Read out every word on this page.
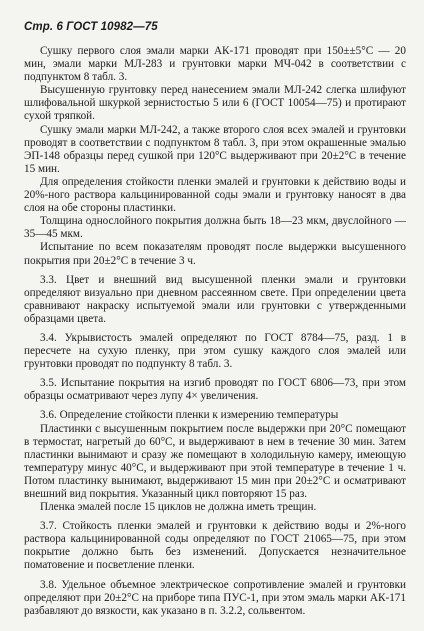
Стр. 6 ГОСТ 10982—75

Сушку первого слоя эмали марки АК-171 проводят при 150±±5°С — 20 мин, эмали марки МЛ-283 и грунтовки марки МЧ-042 в соответствии с подпунктом 8 табл. 3.

Высушенную грунтовку перед нанесением эмали МЛ-242 слегка шлифуют шлифовальной шкуркой зернистостью 5 или 6 (ГОСТ 10054—75) и протирают сухой тряпкой.

Сушку эмали марки МЛ-242, а также второго слоя всех эмалей и грунтовки проводят в соответствии с подпунктом 8 табл. 3, при этом окрашенные эмалью ЭП-148 образцы перед сушкой при 120°С выдерживают при 20±2°С в течение 15 мин.

Для определения стойкости пленки эмалей и грунтовки к действию воды и 20%-ного раствора кальцинированной соды эмали и грунтовку наносят в два слоя на обе стороны пластинки.

Толщина однослойного покрытия должна быть 18—23 мкм, двуслойного — 35—45 мкм.

Испытание по всем показателям проводят после выдержки высушенного покрытия при 20±2°С в течение 3 ч.

3.3. Цвет и внешний вид высушенной пленки эмали и грунтовки определяют визуально при дневном рассеянном свете. При определении цвета сравнивают накраску испытуемой эмали или грунтовки с утвержденными образцами цвета.

3.4. Укрывистость эмалей определяют по ГОСТ 8784—75, разд. 1 в пересчете на сухую пленку, при этом сушку каждого слоя эмалей или грунтовки проводят по подпункту 8 табл. 3.

3.5. Испытание покрытия на изгиб проводят по ГОСТ 6806—73, при этом образцы осматривают через лупу 4× увеличения.

3.6. Определение стойкости пленки к измерению температуры

Пластинки с высушенным покрытием после выдержки при 20°С помещают в термостат, нагретый до 60°С, и выдерживают в нем в течение 30 мин. Затем пластинки вынимают и сразу же помещают в холодильную камеру, имеющую температуру минус 40°С, и выдерживают при этой температуре в течение 1 ч. Потом пластинку вынимают, выдерживают 15 мин при 20±2°С и осматривают внешний вид покрытия. Указанный цикл повторяют 15 раз.

Пленка эмалей после 15 циклов не должна иметь трещин.

3.7. Стойкость пленки эмалей и грунтовки к действию воды и 2%-ного раствора кальцинированной соды определяют по ГОСТ 21065—75, при этом покрытие должно быть без изменений. Допускается незначительное поматовение и посветление пленки.

3.8. Удельное объемное электрическое сопротивление эмалей и грунтовки определяют при 20±2°С на приборе типа ПУС-1, при этом эмаль марки АК-171 разбавляют до вязкости, как указано в п. 3.2.2, сольвентом.
